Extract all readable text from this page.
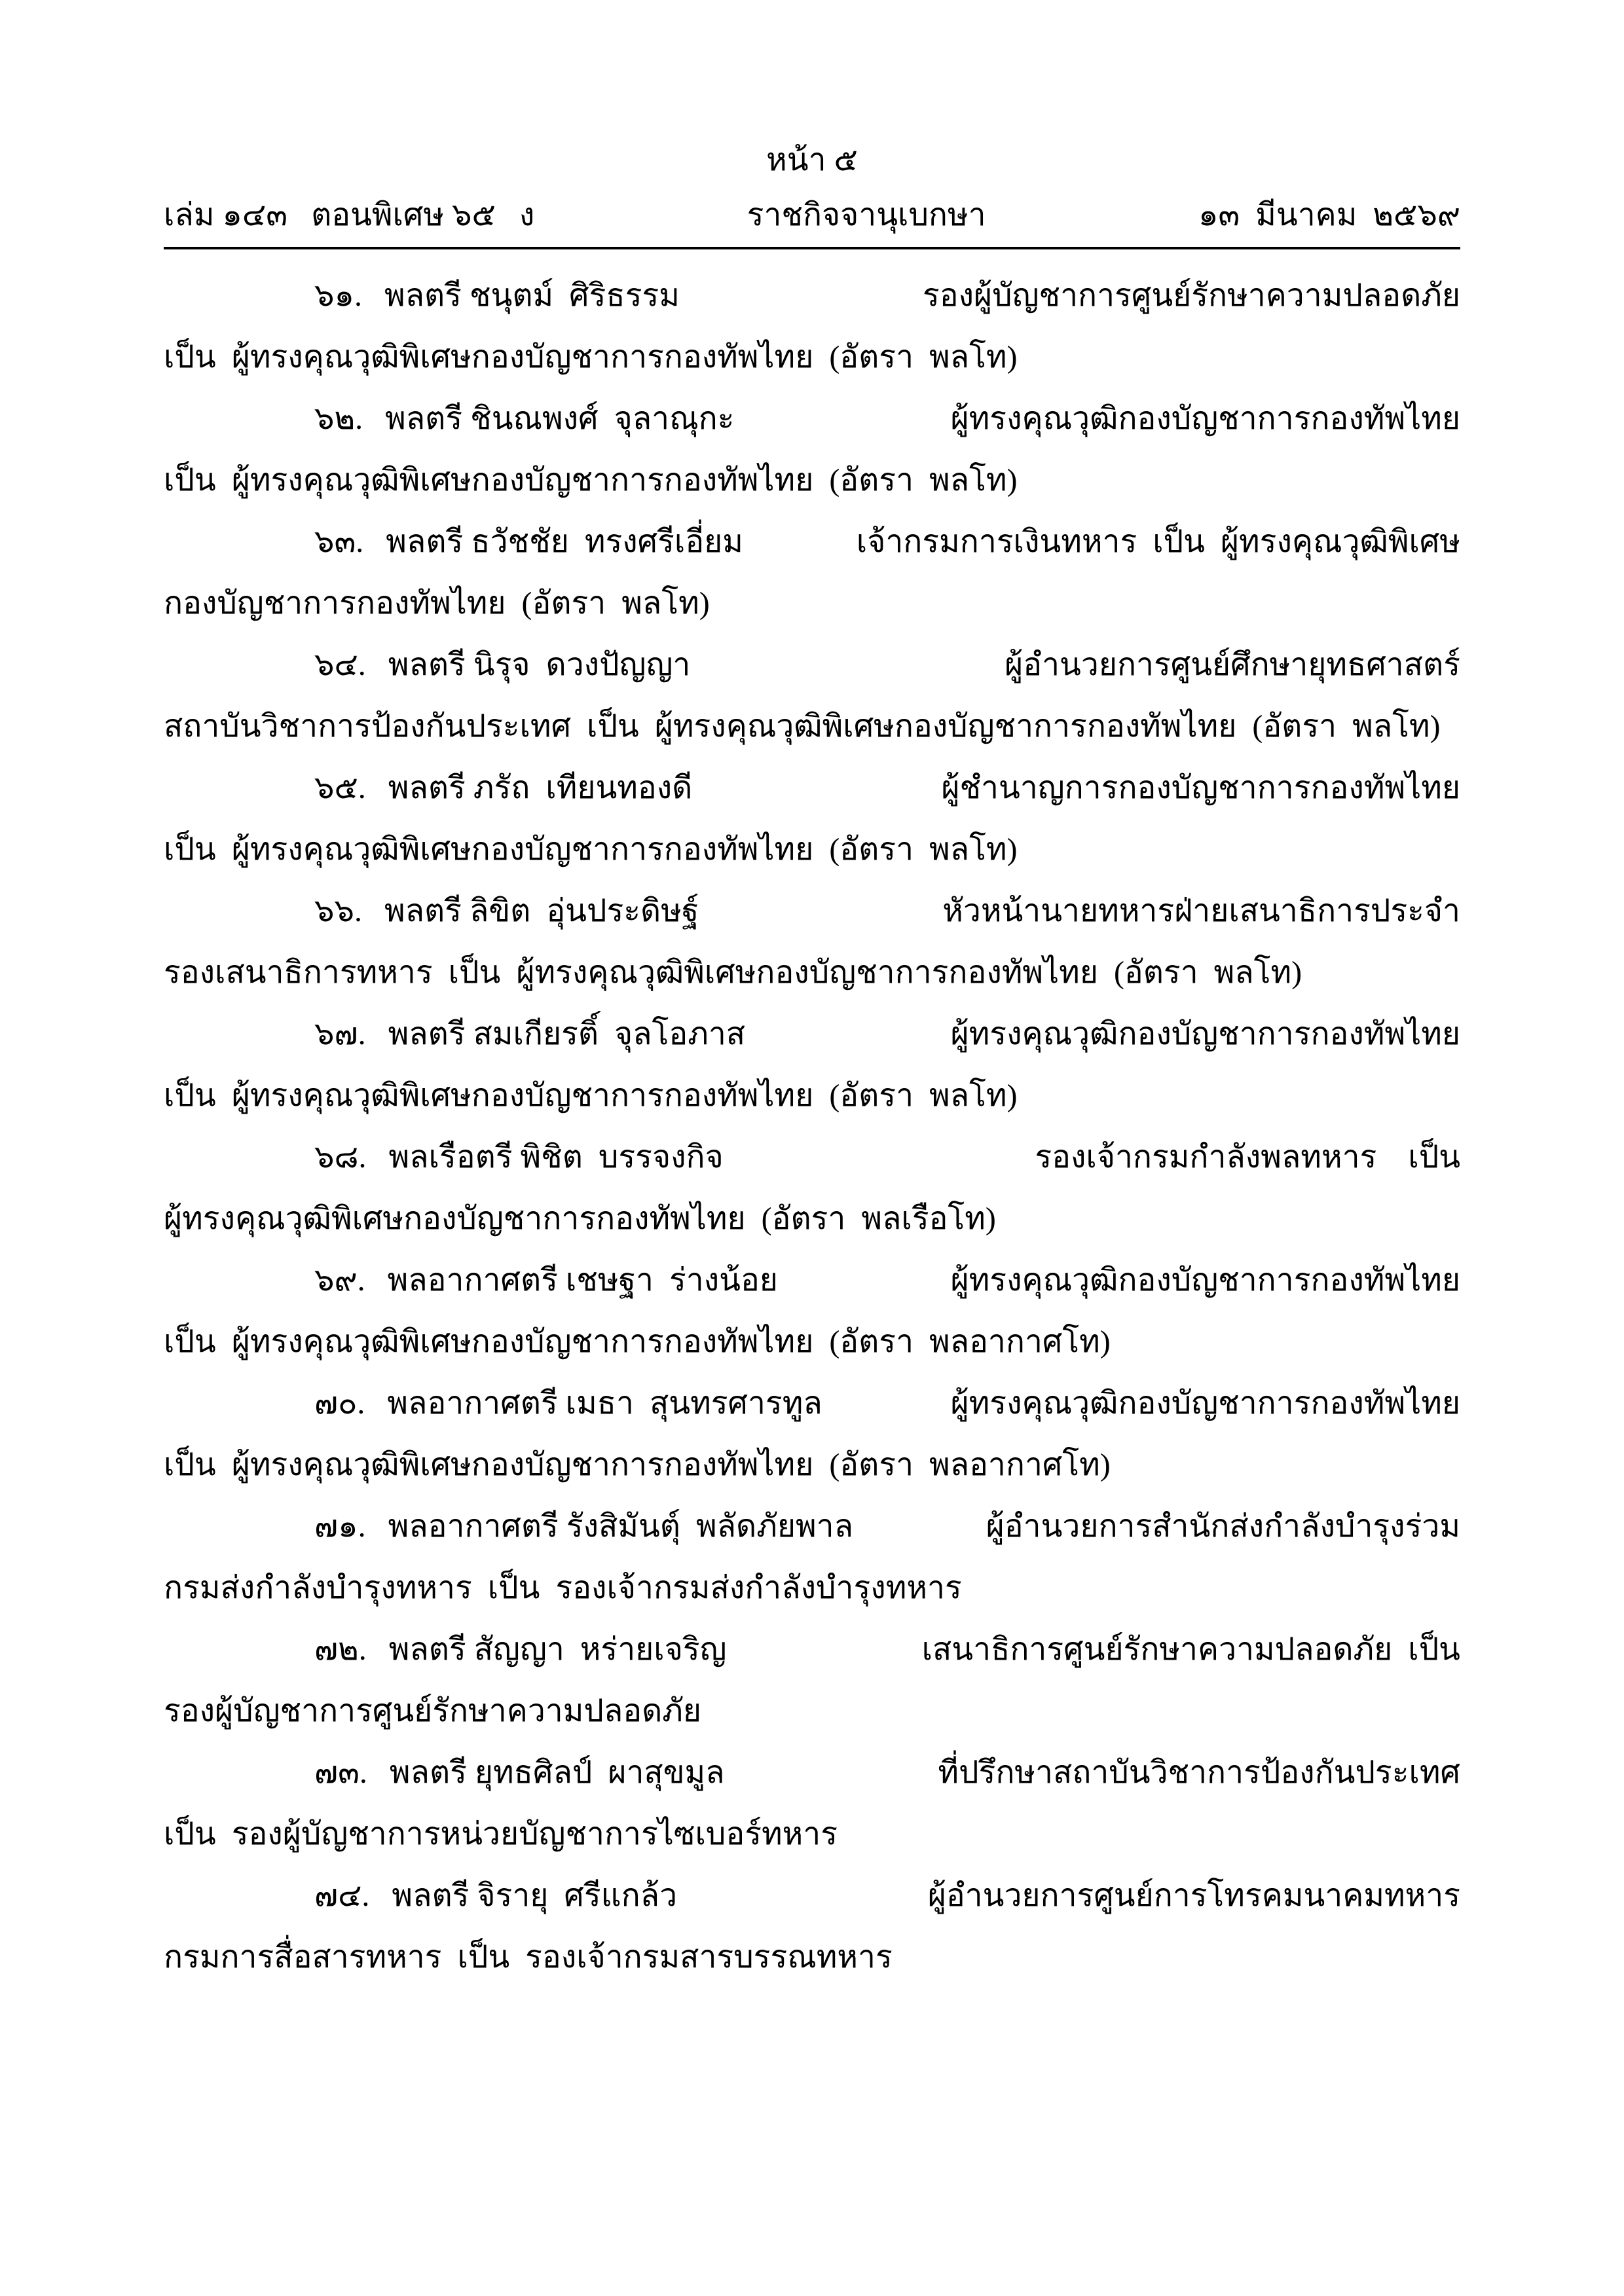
หน้า ๕
เล่ม ๑๔๓   ตอนพิเศษ ๖๕   ง	ราชกิจจานุเบกษา	๑๓  มีนาคม  ๒๕๖๙
๖๑. พลตรี ชนุตม์  ศิริธรรม	รองผู้บัญชาการศูนย์รักษาความปลอดภัย
เป็น  ผู้ทรงคุณวุฒิพิเศษกองบัญชาการกองทัพไทย  (อัตรา  พลโท)
๖๒. พลตรี ชินณพงศ์  จุลาณุกะ	ผู้ทรงคุณวุฒิกองบัญชาการกองทัพไทย
เป็น  ผู้ทรงคุณวุฒิพิเศษกองบัญชาการกองทัพไทย  (อัตรา  พลโท)
๖๓. พลตรี ธวัชชัย  ทรงศรีเอี่ยม	เจ้ากรมการเงินทหาร  เป็น  ผู้ทรงคุณวุฒิพิเศษ
กองบัญชาการกองทัพไทย  (อัตรา  พลโท)
๖๔. พลตรี นิรุจ  ดวงปัญญา	ผู้อำนวยการศูนย์ศึกษายุทธศาสตร์
สถาบันวิชาการป้องกันประเทศ  เป็น  ผู้ทรงคุณวุฒิพิเศษกองบัญชาการกองทัพไทย  (อัตรา  พลโท)
๖๕. พลตรี ภรัถ  เทียนทองดี	ผู้ชำนาญการกองบัญชาการกองทัพไทย
เป็น  ผู้ทรงคุณวุฒิพิเศษกองบัญชาการกองทัพไทย  (อัตรา  พลโท)
๖๖. พลตรี ลิขิต  อุ่นประดิษฐ์	หัวหน้านายทหารฝ่ายเสนาธิการประจำ
รองเสนาธิการทหาร  เป็น  ผู้ทรงคุณวุฒิพิเศษกองบัญชาการกองทัพไทย  (อัตรา  พลโท)
๖๗. พลตรี สมเกียรติ์  จุลโอภาส	ผู้ทรงคุณวุฒิกองบัญชาการกองทัพไทย
เป็น  ผู้ทรงคุณวุฒิพิเศษกองบัญชาการกองทัพไทย  (อัตรา  พลโท)
๖๘. พลเรือตรี พิชิต  บรรจงกิจ	รองเจ้ากรมกำลังพลทหาร    เป็น
ผู้ทรงคุณวุฒิพิเศษกองบัญชาการกองทัพไทย  (อัตรา  พลเรือโท)
๖๙. พลอากาศตรี เชษฐา  ร่างน้อย	ผู้ทรงคุณวุฒิกองบัญชาการกองทัพไทย
เป็น  ผู้ทรงคุณวุฒิพิเศษกองบัญชาการกองทัพไทย  (อัตรา  พลอากาศโท)
๗๐. พลอากาศตรี เมธา  สุนทรศารทูล	ผู้ทรงคุณวุฒิกองบัญชาการกองทัพไทย
เป็น  ผู้ทรงคุณวุฒิพิเศษกองบัญชาการกองทัพไทย  (อัตรา  พลอากาศโท)
๗๑. พลอากาศตรี รังสิมันตุ์  พลัดภัยพาล	ผู้อำนวยการสำนักส่งกำลังบำรุงร่วม
กรมส่งกำลังบำรุงทหาร  เป็น  รองเจ้ากรมส่งกำลังบำรุงทหาร
๗๒. พลตรี สัญญา  หร่ายเจริญ	เสนาธิการศูนย์รักษาความปลอดภัย  เป็น
รองผู้บัญชาการศูนย์รักษาความปลอดภัย
๗๓. พลตรี ยุทธศิลป์  ผาสุขมูล	ที่ปรึกษาสถาบันวิชาการป้องกันประเทศ
เป็น  รองผู้บัญชาการหน่วยบัญชาการไซเบอร์ทหาร
๗๔. พลตรี จิรายุ  ศรีแกล้ว	ผู้อำนวยการศูนย์การโทรคมนาคมทหาร
กรมการสื่อสารทหาร  เป็น  รองเจ้ากรมสารบรรณทหาร
